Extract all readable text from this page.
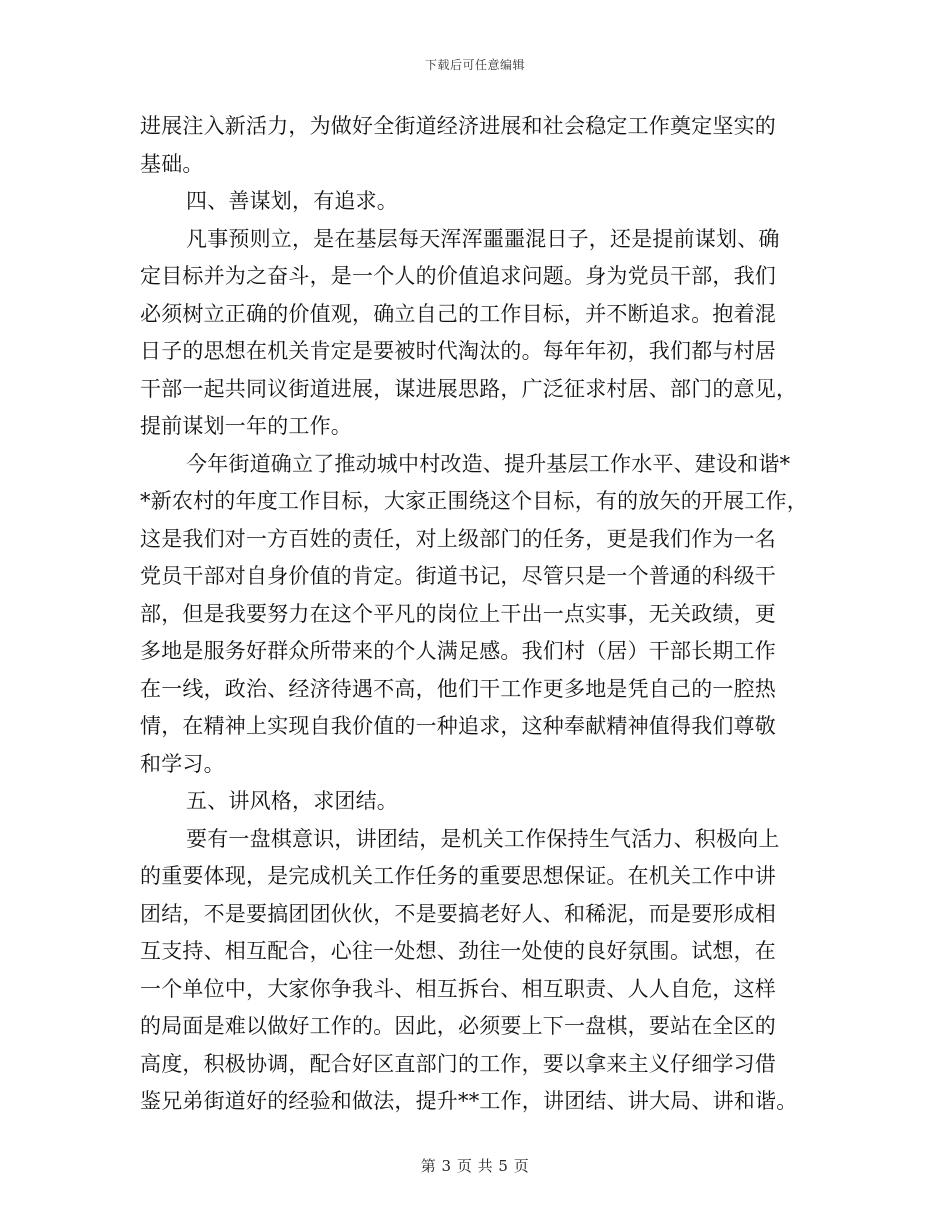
下载后可任意编辑
进展注入新活力，为做好全街道经济进展和社会稳定工作奠定坚实的
基础。
四、善谋划，有追求。
凡事预则立，是在基层每天浑浑噩噩混日子，还是提前谋划、确
定目标并为之奋斗，是一个人的价值追求问题。身为党员干部，我们
必须树立正确的价值观，确立自己的工作目标，并不断追求。抱着混
日子的思想在机关肯定是要被时代淘汰的。每年年初，我们都与村居
干部一起共同议街道进展，谋进展思路，广泛征求村居、部门的意见，
提前谋划一年的工作。
今年街道确立了推动城中村改造、提升基层工作水平、建设和谐*
*新农村的年度工作目标，大家正围绕这个目标，有的放矢的开展工作，
这是我们对一方百姓的责任，对上级部门的任务，更是我们作为一名
党员干部对自身价值的肯定。街道书记，尽管只是一个普通的科级干
部，但是我要努力在这个平凡的岗位上干出一点实事，无关政绩，更
多地是服务好群众所带来的个人满足感。我们村（居）干部长期工作
在一线，政治、经济待遇不高，他们干工作更多地是凭自己的一腔热
情，在精神上实现自我价值的一种追求，这种奉献精神值得我们尊敬
和学习。
五、讲风格，求团结。
要有一盘棋意识，讲团结，是机关工作保持生气活力、积极向上
的重要体现，是完成机关工作任务的重要思想保证。在机关工作中讲
团结，不是要搞团团伙伙，不是要搞老好人、和稀泥，而是要形成相
互支持、相互配合，心往一处想、劲往一处使的良好氛围。试想，在
一个单位中，大家你争我斗、相互拆台、相互职责、人人自危，这样
的局面是难以做好工作的。因此，必须要上下一盘棋，要站在全区的
高度，积极协调，配合好区直部门的工作，要以拿来主义仔细学习借
鉴兄弟街道好的经验和做法，提升**工作，讲团结、讲大局、讲和谐。
第 3 页 共 5 页
